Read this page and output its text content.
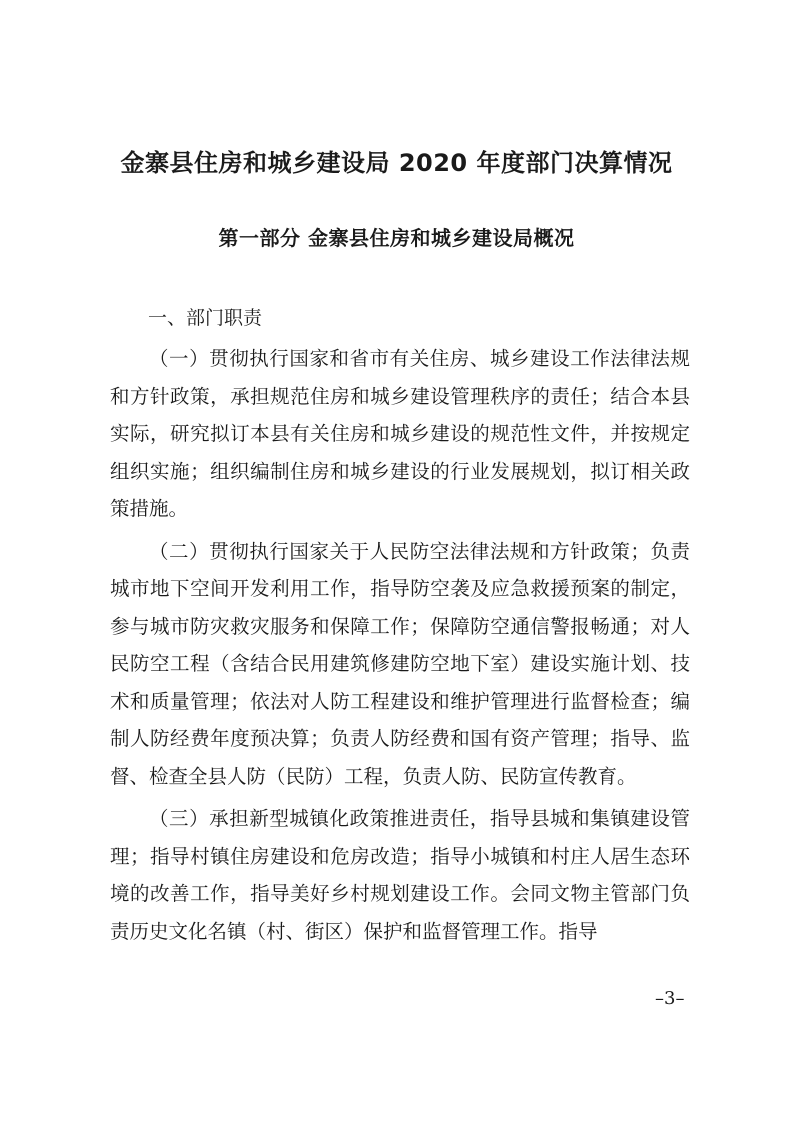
金寨县住房和城乡建设局 2020 年度部门决算情况
第一部分 金寨县住房和城乡建设局概况
一、部门职责

（一）贯彻执行国家和省市有关住房、城乡建设工作法律法规和方针政策，承担规范住房和城乡建设管理秩序的责任；结合本县实际，研究拟订本县有关住房和城乡建设的规范性文件，并按规定组织实施；组织编制住房和城乡建设的行业发展规划，拟订相关政策措施。

（二）贯彻执行国家关于人民防空法律法规和方针政策；负责城市地下空间开发利用工作，指导防空袭及应急救援预案的制定，参与城市防灾救灾服务和保障工作；保障防空通信警报畅通；对人民防空工程（含结合民用建筑修建防空地下室）建设实施计划、技术和质量管理；依法对人防工程建设和维护管理进行监督检查；编制人防经费年度预决算；负责人防经费和国有资产管理；指导、监督、检查全县人防（民防）工程，负责人防、民防宣传教育。

（三）承担新型城镇化政策推进责任，指导县城和集镇建设管理；指导村镇住房建设和危房改造；指导小城镇和村庄人居生态环境的改善工作，指导美好乡村规划建设工作。会同文物主管部门负责历史文化名镇（村、街区）保护和监督管理工作。指导

–3–
